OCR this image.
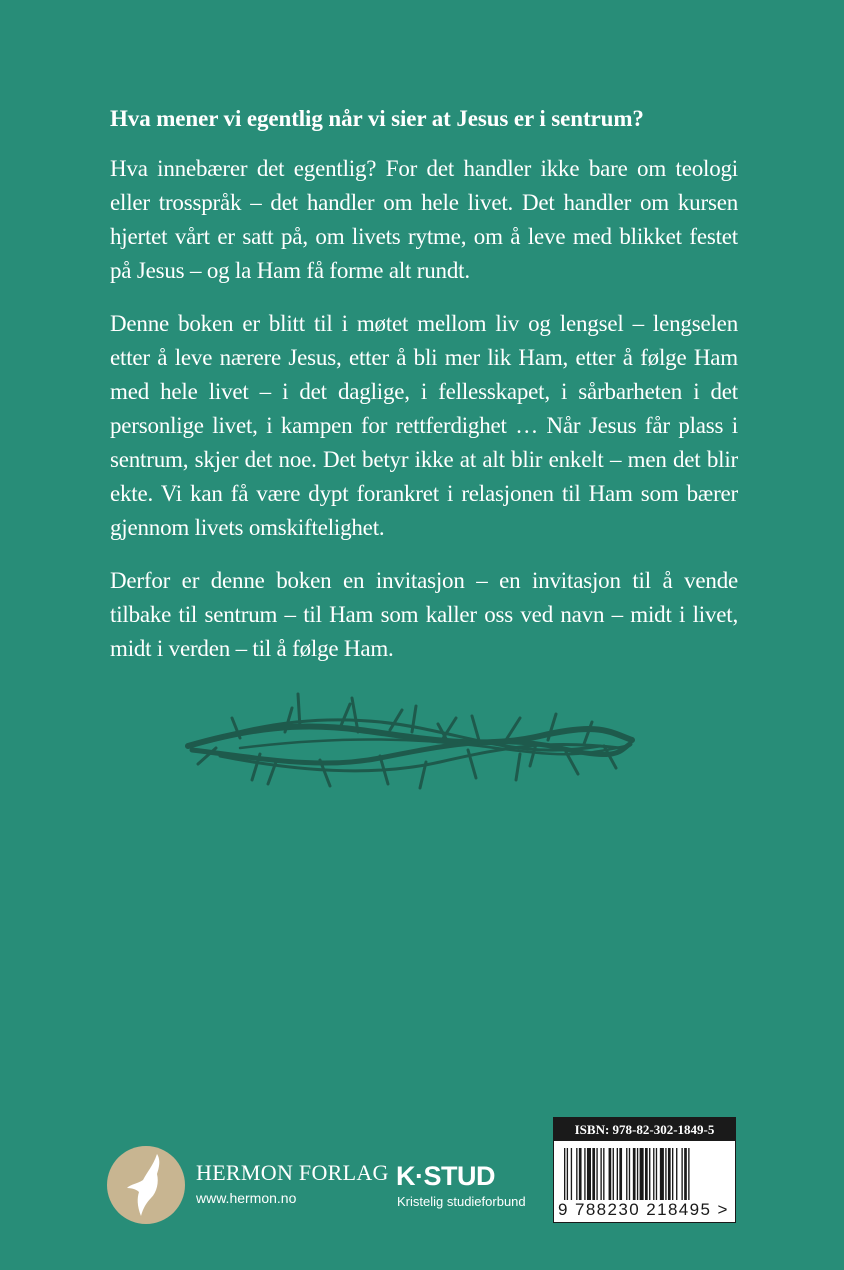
Hva mener vi egentlig når vi sier at Jesus er i sentrum?

Hva innebærer det egentlig? For det handler ikke bare om teologi eller trosspråk – det handler om hele livet. Det handler om kursen hjertet vårt er satt på, om livets rytme, om å leve med blikket festet på Jesus – og la Ham få forme alt rundt.

Denne boken er blitt til i møtet mellom liv og lengsel – lengselen etter å leve nærere Jesus, etter å bli mer lik Ham, etter å følge Ham med hele livet – i det daglige, i fellesskapet, i sårbarheten i det personlige livet, i kampen for rettferdighet … Når Jesus får plass i sentrum, skjer det noe. Det betyr ikke at alt blir enkelt – men det blir ekte. Vi kan få være dypt forankret i relasjonen til Ham som bærer gjennom livets omskiftelighet.

Derfor er denne boken en invitasjon – en invitasjon til å vende tilbake til sentrum – til Ham som kaller oss ved navn – midt i livet, midt i verden – til å følge Ham.

HERMON FORLAG
www.hermon.no
K·STUD
Kristelig studieforbund
ISBN: 978-82-302-1849-5
9 788230 218495 >
